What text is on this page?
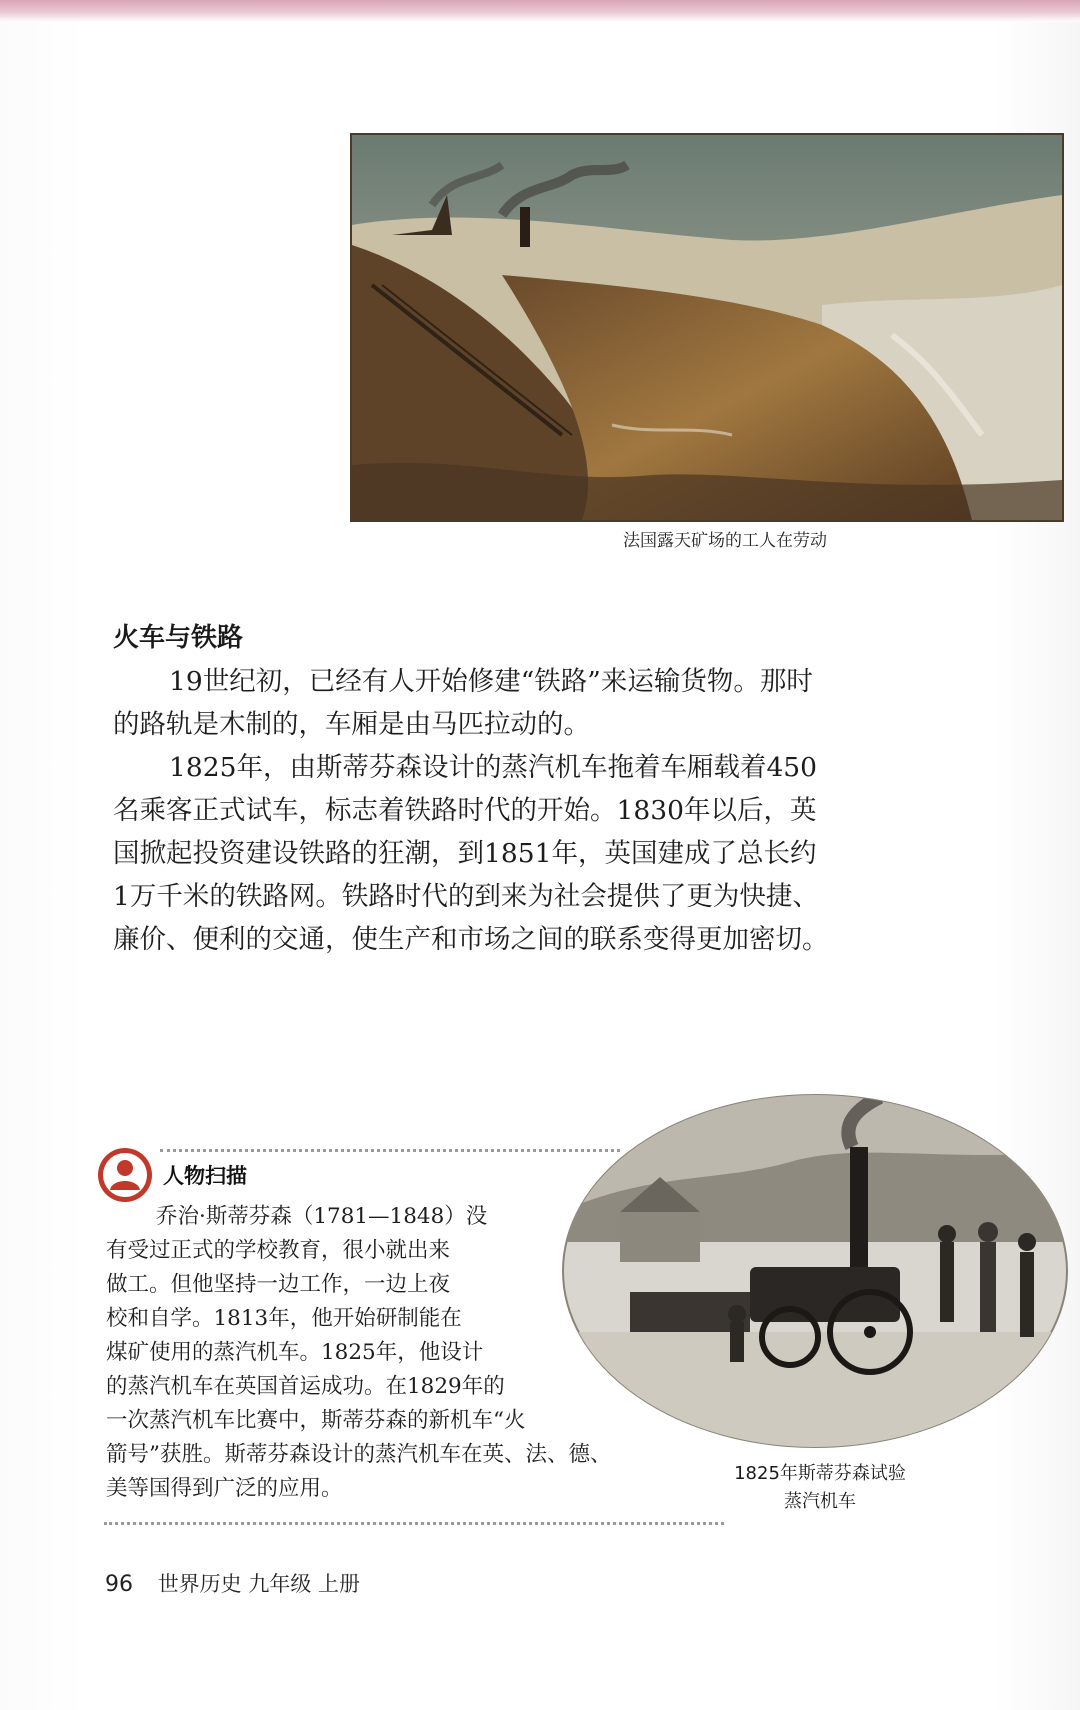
法国露天矿场的工人在劳动
火车与铁路

19世纪初，已经有人开始修建“铁路”来运输货物。那时的路轨是木制的，车厢是由马匹拉动的。

1825年，由斯蒂芬森设计的蒸汽机车拖着车厢载着450名乘客正式试车，标志着铁路时代的开始。1830年以后，英国掀起投资建设铁路的狂潮，到1851年，英国建成了总长约1万千米的铁路网。铁路时代的到来为社会提供了更为快捷、廉价、便利的交通，使生产和市场之间的联系变得更加密切。

人物扫描
乔治·斯蒂芬森（1781—1848）没
有受过正式的学校教育，很小就出来
做工。但他坚持一边工作，一边上夜
校和自学。1813年，他开始研制能在
煤矿使用的蒸汽机车。1825年，他设计
的蒸汽机车在英国首运成功。在1829年的
一次蒸汽机车比赛中，斯蒂芬森的新机车“火
箭号”获胜。斯蒂芬森设计的蒸汽机车在英、法、德、
美等国得到广泛的应用。
1825年斯蒂芬森试验
蒸汽机车
96 世界历史 九年级 上册
